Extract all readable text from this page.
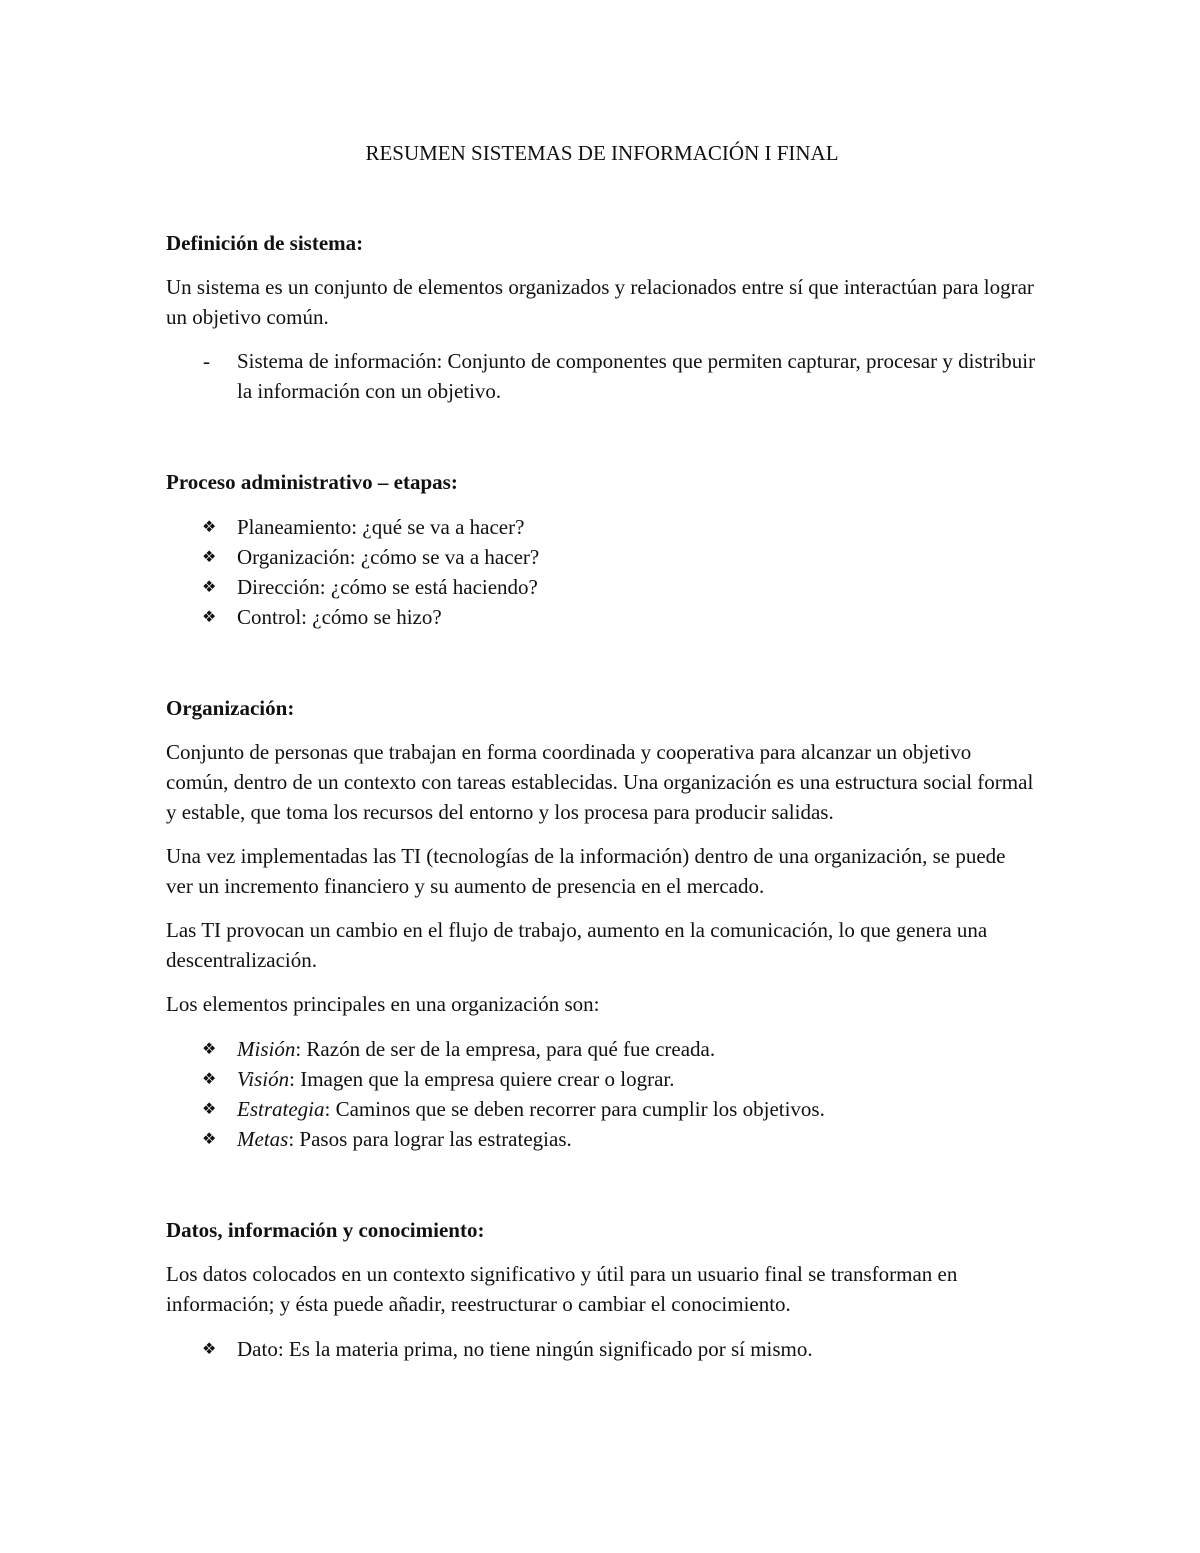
RESUMEN SISTEMAS DE INFORMACIÓN I FINAL
Definición de sistema:

Un sistema es un conjunto de elementos organizados y relacionados entre sí que interactúan para lograr un objetivo común.

- Sistema de información: Conjunto de componentes que permiten capturar, procesar y distribuir la información con un objetivo.
Proceso administrativo – etapas:
❖ Planeamiento: ¿qué se va a hacer?
❖ Organización: ¿cómo se va a hacer?
❖ Dirección: ¿cómo se está haciendo?
❖ Control: ¿cómo se hizo?
Organización:

Conjunto de personas que trabajan en forma coordinada y cooperativa para alcanzar un objetivo común, dentro de un contexto con tareas establecidas. Una organización es una estructura social formal y estable, que toma los recursos del entorno y los procesa para producir salidas.

Una vez implementadas las TI (tecnologías de la información) dentro de una organización, se puede ver un incremento financiero y su aumento de presencia en el mercado.

Las TI provocan un cambio en el flujo de trabajo, aumento en la comunicación, lo que genera una descentralización.

Los elementos principales en una organización son:

❖ Misión: Razón de ser de la empresa, para qué fue creada.
❖ Visión: Imagen que la empresa quiere crear o lograr.
❖ Estrategia: Caminos que se deben recorrer para cumplir los objetivos.
❖ Metas: Pasos para lograr las estrategias.
Datos, información y conocimiento:

Los datos colocados en un contexto significativo y útil para un usuario final se transforman en información; y ésta puede añadir, reestructurar o cambiar el conocimiento.

❖ Dato: Es la materia prima, no tiene ningún significado por sí mismo.
